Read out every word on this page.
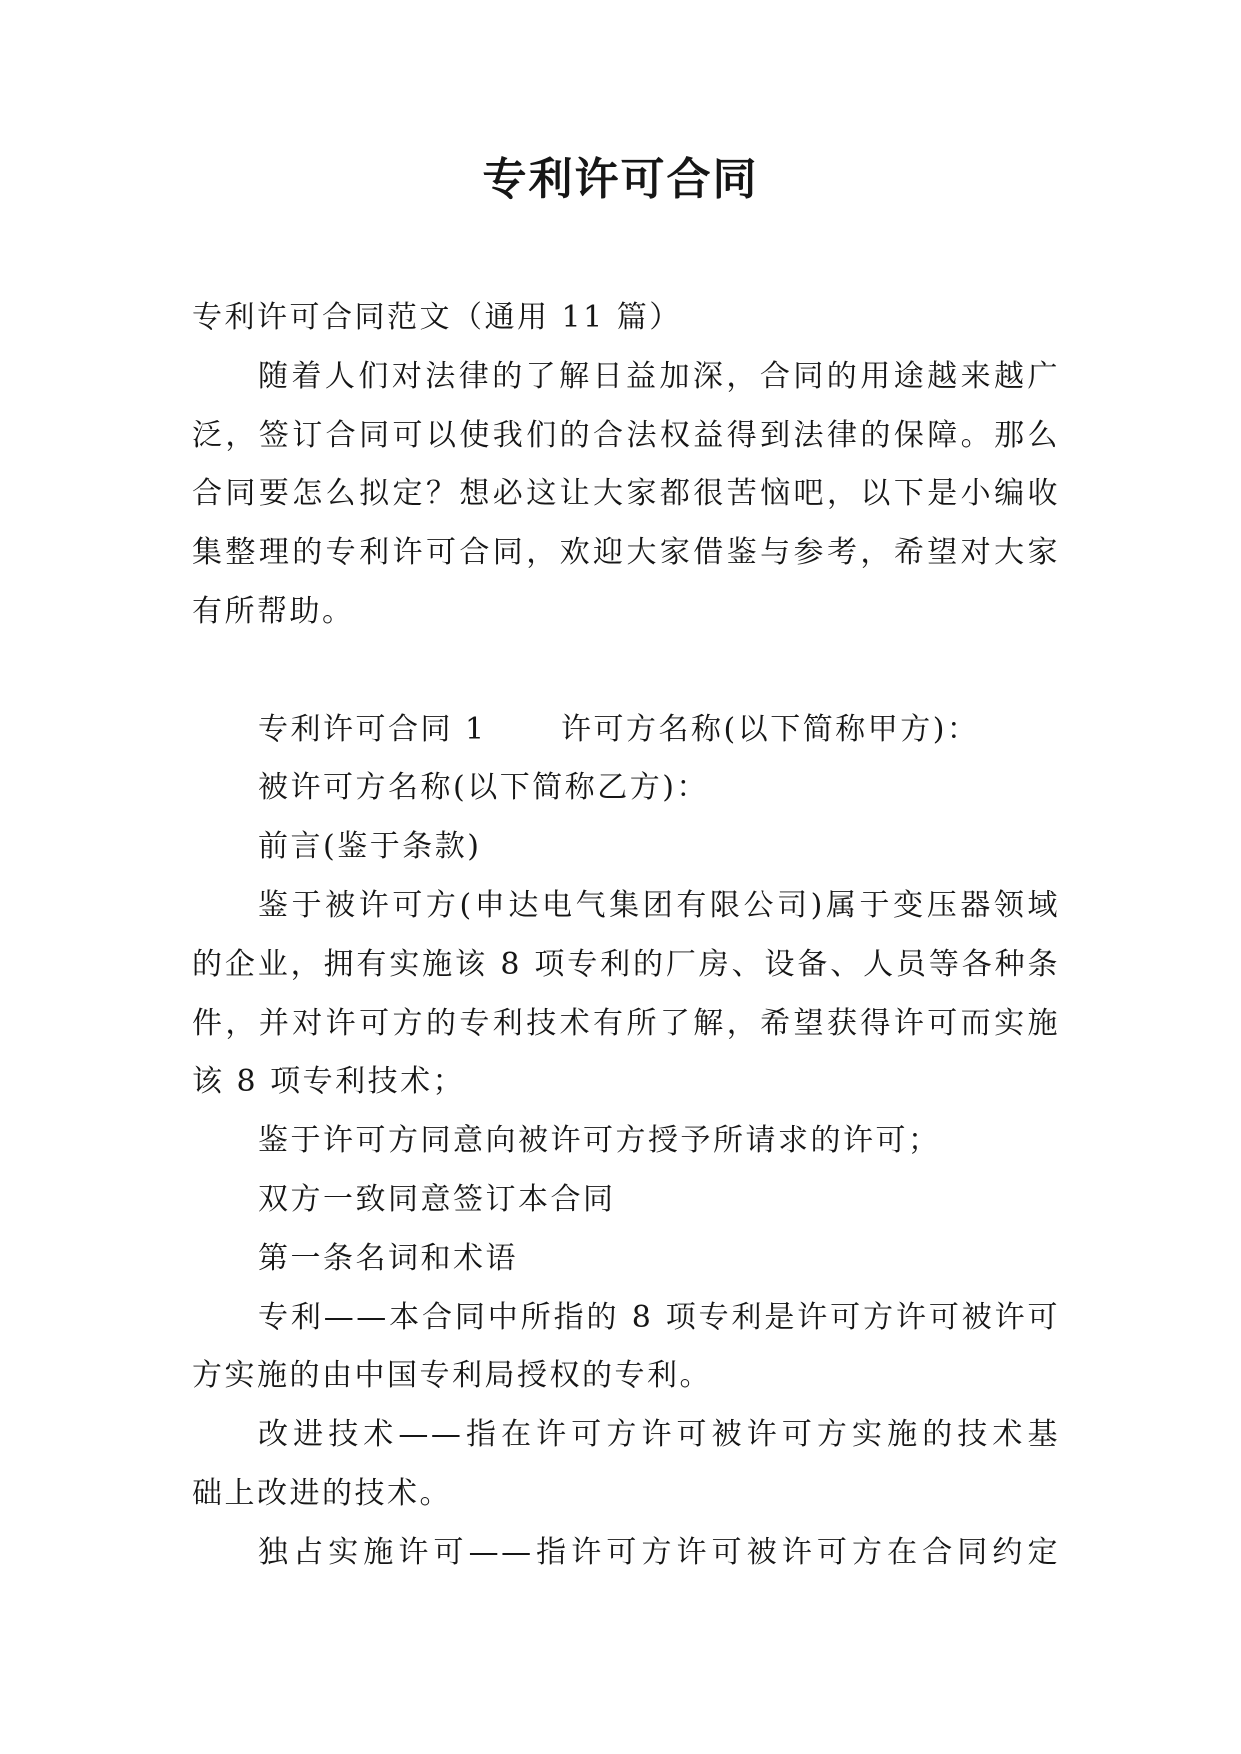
专利许可合同
专利许可合同范文（通用 11 篇）
随着人们对法律的了解日益加深，合同的用途越来越广
泛，签订合同可以使我们的合法权益得到法律的保障。那么
合同要怎么拟定？想必这让大家都很苦恼吧，以下是小编收
集整理的专利许可合同，欢迎大家借鉴与参考，希望对大家
有所帮助。
专利许可合同 1 许可方名称(以下简称甲方)：
被许可方名称(以下简称乙方)：
前言(鉴于条款)
鉴于被许可方(申达电气集团有限公司)属于变压器领域
的企业，拥有实施该 8 项专利的厂房、设备、人员等各种条
件，并对许可方的专利技术有所了解，希望获得许可而实施
该 8 项专利技术；
鉴于许可方同意向被许可方授予所请求的许可；
双方一致同意签订本合同
第一条名词和术语
专利——本合同中所指的 8 项专利是许可方许可被许可
方实施的由中国专利局授权的专利。
改进技术——指在许可方许可被许可方实施的技术基
础上改进的技术。
独占实施许可——指许可方许可被许可方在合同约定
